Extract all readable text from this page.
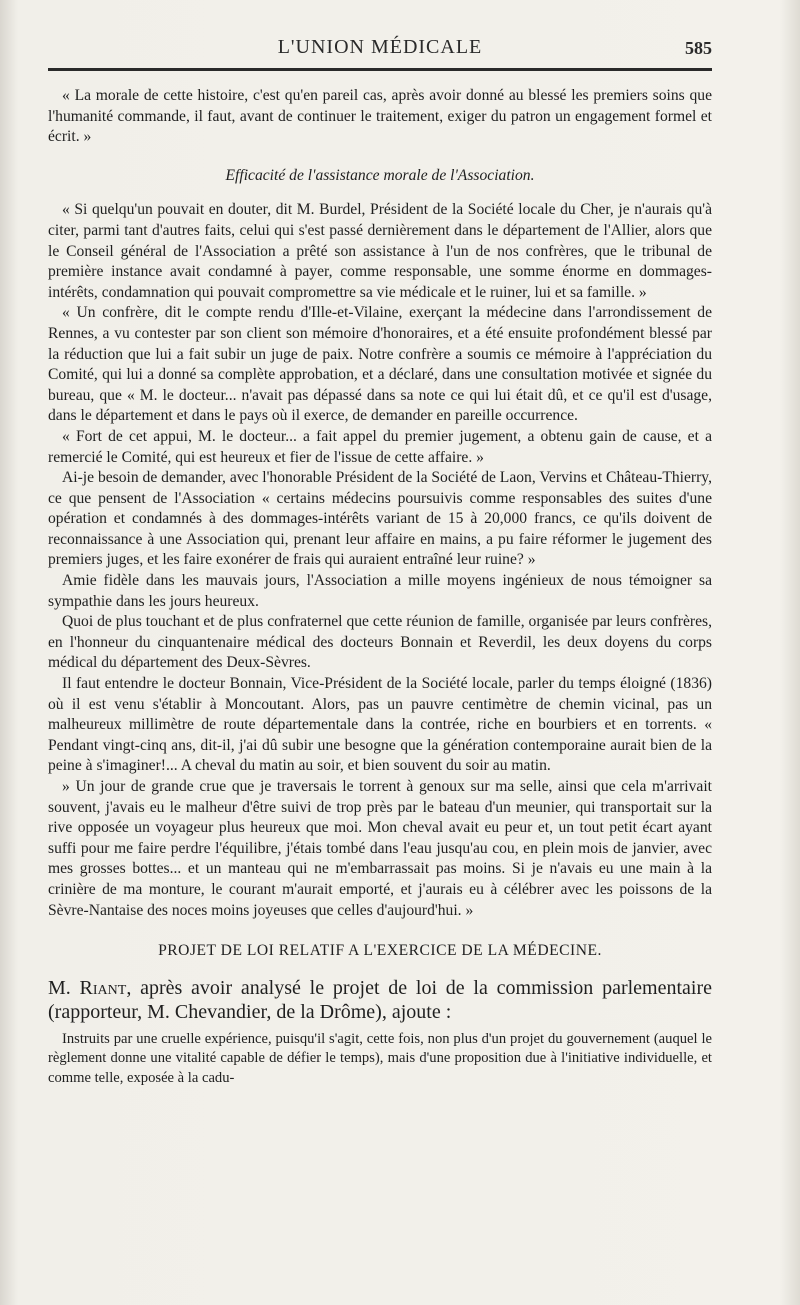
L'UNION MÉDICALE	585

« La morale de cette histoire, c'est qu'en pareil cas, après avoir donné au blessé les premiers soins que l'humanité commande, il faut, avant de continuer le traitement, exiger du patron un engagement formel et écrit. »

Efficacité de l'assistance morale de l'Association.

« Si quelqu'un pouvait en douter, dit M. Burdel, Président de la Société locale du Cher, je n'aurais qu'à citer, parmi tant d'autres faits, celui qui s'est passé dernièrement dans le département de l'Allier, alors que le Conseil général de l'Association a prêté son assistance à l'un de nos confrères, que le tribunal de première instance avait condamné à payer, comme responsable, une somme énorme en dommages-intérêts, condamnation qui pouvait compromettre sa vie médicale et le ruiner, lui et sa famille. »

« Un confrère, dit le compte rendu d'Ille-et-Vilaine, exerçant la médecine dans l'arrondissement de Rennes, a vu contester par son client son mémoire d'honoraires, et a été ensuite profondément blessé par la réduction que lui a fait subir un juge de paix. Notre confrère a soumis ce mémoire à l'appréciation du Comité, qui lui a donné sa complète approbation, et a déclaré, dans une consultation motivée et signée du bureau, que « M. le docteur... n'avait pas dépassé dans sa note ce qui lui était dû, et ce qu'il est d'usage, dans le département et dans le pays où il exerce, de demander en pareille occurrence.

« Fort de cet appui, M. le docteur... a fait appel du premier jugement, a obtenu gain de cause, et a remercié le Comité, qui est heureux et fier de l'issue de cette affaire. »

Ai-je besoin de demander, avec l'honorable Président de la Société de Laon, Vervins et Château-Thierry, ce que pensent de l'Association « certains médecins poursuivis comme responsables des suites d'une opération et condamnés à des dommages-intérêts variant de 15 à 20,000 francs, ce qu'ils doivent de reconnaissance à une Association qui, prenant leur affaire en mains, a pu faire réformer le jugement des premiers juges, et les faire exonérer de frais qui auraient entraîné leur ruine? »

Amie fidèle dans les mauvais jours, l'Association a mille moyens ingénieux de nous témoigner sa sympathie dans les jours heureux.

Quoi de plus touchant et de plus confraternel que cette réunion de famille, organisée par leurs confrères, en l'honneur du cinquantenaire médical des docteurs Bonnain et Reverdil, les deux doyens du corps médical du département des Deux-Sèvres.

Il faut entendre le docteur Bonnain, Vice-Président de la Société locale, parler du temps éloigné (1836) où il est venu s'établir à Moncoutant. Alors, pas un pauvre centimètre de chemin vicinal, pas un malheureux millimètre de route départementale dans la contrée, riche en bourbiers et en torrents. « Pendant vingt-cinq ans, dit-il, j'ai dû subir une besogne que la génération contemporaine aurait bien de la peine à s'imaginer!... A cheval du matin au soir, et bien souvent du soir au matin.

» Un jour de grande crue que je traversais le torrent à genoux sur ma selle, ainsi que cela m'arrivait souvent, j'avais eu le malheur d'être suivi de trop près par le bateau d'un meunier, qui transportait sur la rive opposée un voyageur plus heureux que moi. Mon cheval avait eu peur et, un tout petit écart ayant suffi pour me faire perdre l'équilibre, j'étais tombé dans l'eau jusqu'au cou, en plein mois de janvier, avec mes grosses bottes... et un manteau qui ne m'embarrassait pas moins. Si je n'avais eu une main à la crinière de ma monture, le courant m'aurait emporté, et j'aurais eu à célébrer avec les poissons de la Sèvre-Nantaise des noces moins joyeuses que celles d'aujourd'hui. »

PROJET DE LOI RELATIF A L'EXERCICE DE LA MÉDECINE.

M. Riant, après avoir analysé le projet de loi de la commission parlementaire (rapporteur, M. Chevandier, de la Drôme), ajoute :

Instruits par une cruelle expérience, puisqu'il s'agit, cette fois, non plus d'un projet du gouvernement (auquel le règlement donne une vitalité capable de défier le temps), mais d'une proposition due à l'initiative individuelle, et comme telle, exposée à la cadu-
